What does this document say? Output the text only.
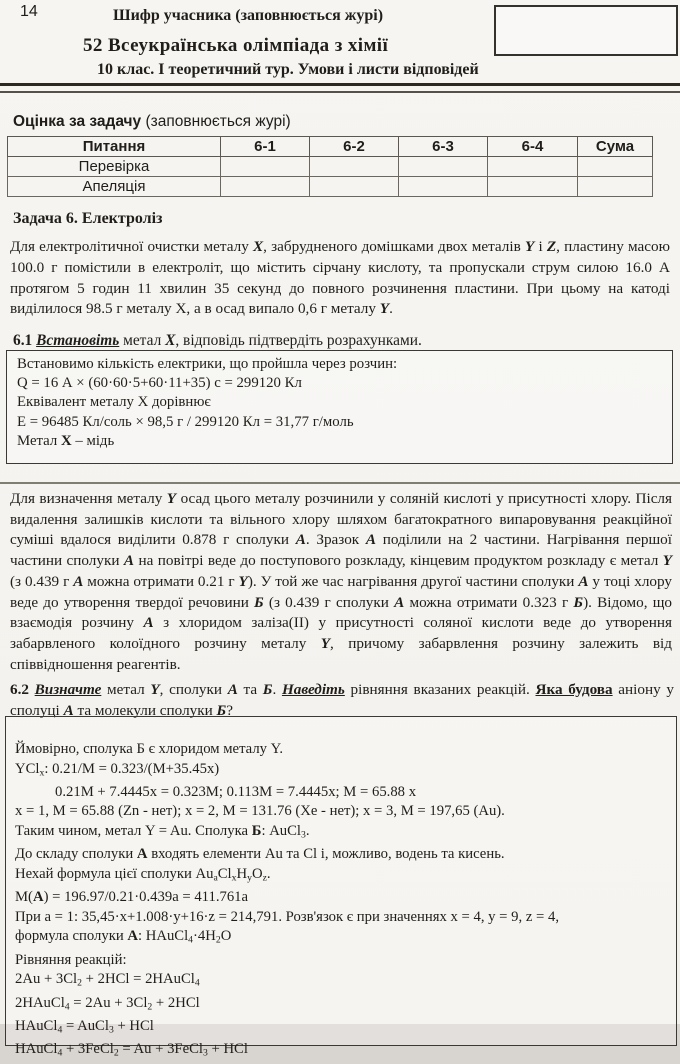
14	Шифр учасника (заповнюється журі)
52 Всеукраїнська олімпіада з хімії
10 клас. І теоретичний тур. Умови і листи відповідей
Оцінка за задачу (заповнюється журі)
Питання	6-1	6-2	6-3	6-4	Сума
Перевірка					
Апеляція					
Задача 6. Електроліз
Для електролітичної очистки металу X, забрудненого домішками двох металів Y і Z, пластину масою 100.0 г помістили в електроліт, що містить сірчану кислоту, та пропускали струм силою 16.0 А протягом 5 годин 11 хвилин 35 секунд до повного розчинення пластини. При цьому на катоді виділилося 98.5 г металу X, а в осад випало 0,6 г металу Y.
6.1 Встановіть метал X, відповідь підтвердіть розрахунками.
Встановимо кількість електрики, що пройшла через розчин:
Q = 16 А × (60·60·5+60·11+35) с = 299120 Кл
Еквівалент металу Х дорівнює
Е = 96485 Кл/соль × 98,5 г / 299120 Кл = 31,77 г/моль
Метал X – мідь
Для визначення металу Y осад цього металу розчинили у соляній кислоті у присутності хлору. Після видалення залишків кислоти та вільного хлору шляхом багатократного випаровування реакційної суміші вдалося виділити 0.878 г сполуки А. Зразок А поділили на 2 частини. Нагрівання першої частини сполуки А на повітрі веде до поступового розкладу, кінцевим продуктом розкладу є метал Y (з 0.439 г А можна отримати 0.21 г Y). У той же час нагрівання другої частини сполуки А у тоці хлору веде до утворення твердої речовини Б (з 0.439 г сполуки А можна отримати 0.323 г Б). Відомо, що взаємодія розчину А з хлоридом заліза(II) у присутності соляної кислоти веде до утворення забарвленого колоїдного розчину металу Y, причому забарвлення розчину залежить від співвідношення реагентів.
6.2 Визначте метал Y, сполуки А та Б. Наведіть рівняння вказаних реакцій. Яка будова аніону у сполуці А та молекули сполуки Б?
Ймовірно, сполука Б є хлоридом металу Y.
YCl$_x$: 0.21/M = 0.323/(M+35.45x)
0.21M + 7.4445x = 0.323M; 0.113M = 7.4445x; M = 65.88 x
x = 1, M = 65.88 (Zn - нет); x = 2, M = 131.76 (Xe - нет); x = 3, M = 197,65 (Au).
Таким чином, метал Y = Au. Сполука Б: AuCl$_3$.
До складу сполуки А входять елементи Au та Cl і, можливо, водень та кисень.
Нехай формула цієї сполуки $Au_aCl_xH_yO_z$.
M(А) = 196.97/0.21·0.439a = 411.761a
При a = 1: 35,45·x+1.008·y+16·z = 214,791. Розв'язок є при значеннях x = 4, y = 9, z = 4,
формула сполуки А: $HAuCl_4\cdot 4H_2O$
Рівняння реакцій:
$2Au + 3Cl_2 + 2HCl$ = 2HAuCl$_4$
2HAuCl$_4$ = $2Au + 3Cl_2 + 2HCl$
HAuCl$_4$ = AuCl$_3$ + HCl
HAuCl$_4$ + 3FeCl$_2$ = Au + 3FeCl$_3$ + HCl
